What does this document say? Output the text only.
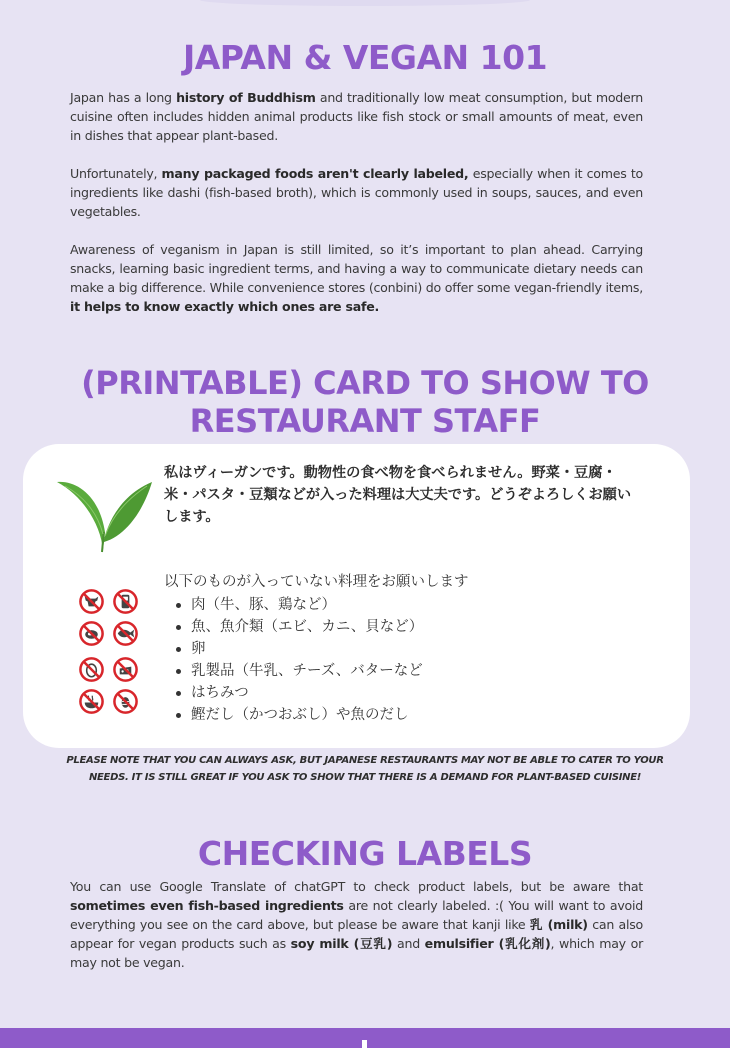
JAPAN & VEGAN 101

Japan has a long history of Buddhism and traditionally low meat consumption, but modern cuisine often includes hidden animal products like fish stock or small amounts of meat, even in dishes that appear plant-based.

Unfortunately, many packaged foods aren't clearly labeled, especially when it comes to ingredients like dashi (fish-based broth), which is commonly used in soups, sauces, and even vegetables.

Awareness of veganism in Japan is still limited, so it’s important to plan ahead. Carrying snacks, learning basic ingredient terms, and having a way to communicate dietary needs can make a big difference. While convenience stores (conbini) do offer some vegan-friendly items, it helps to know exactly which ones are safe.

(PRINTABLE) CARD TO SHOW TO
RESTAURANT STAFF

私はヴィーガンです。動物性の食べ物を食べられません。野菜・豆腐・米・パスタ・豆類などが入った料理は大丈夫です。どうぞよろしくお願いします。

以下のものが入っていない料理をお願いします

肉（牛、豚、鶏など）
魚、魚介類（エビ、カニ、貝など）
卵
乳製品（牛乳、チーズ、バターなど
はちみつ
鰹だし（かつおぶし）や魚のだし

PLEASE NOTE THAT YOU CAN ALWAYS ASK, BUT JAPANESE RESTAURANTS MAY NOT BE ABLE TO CATER TO YOUR
NEEDS. IT IS STILL GREAT IF YOU ASK TO SHOW THAT THERE IS A DEMAND FOR PLANT-BASED CUISINE!

CHECKING LABELS

You can use Google Translate of chatGPT to check product labels, but be aware that sometimes even fish-based ingredients are not clearly labeled. :( You will want to avoid everything you see on the card above, but please be aware that kanji like 乳 (milk) can also appear for vegan products such as soy milk (豆乳) and emulsifier (乳化剤), which may or may not be vegan.
